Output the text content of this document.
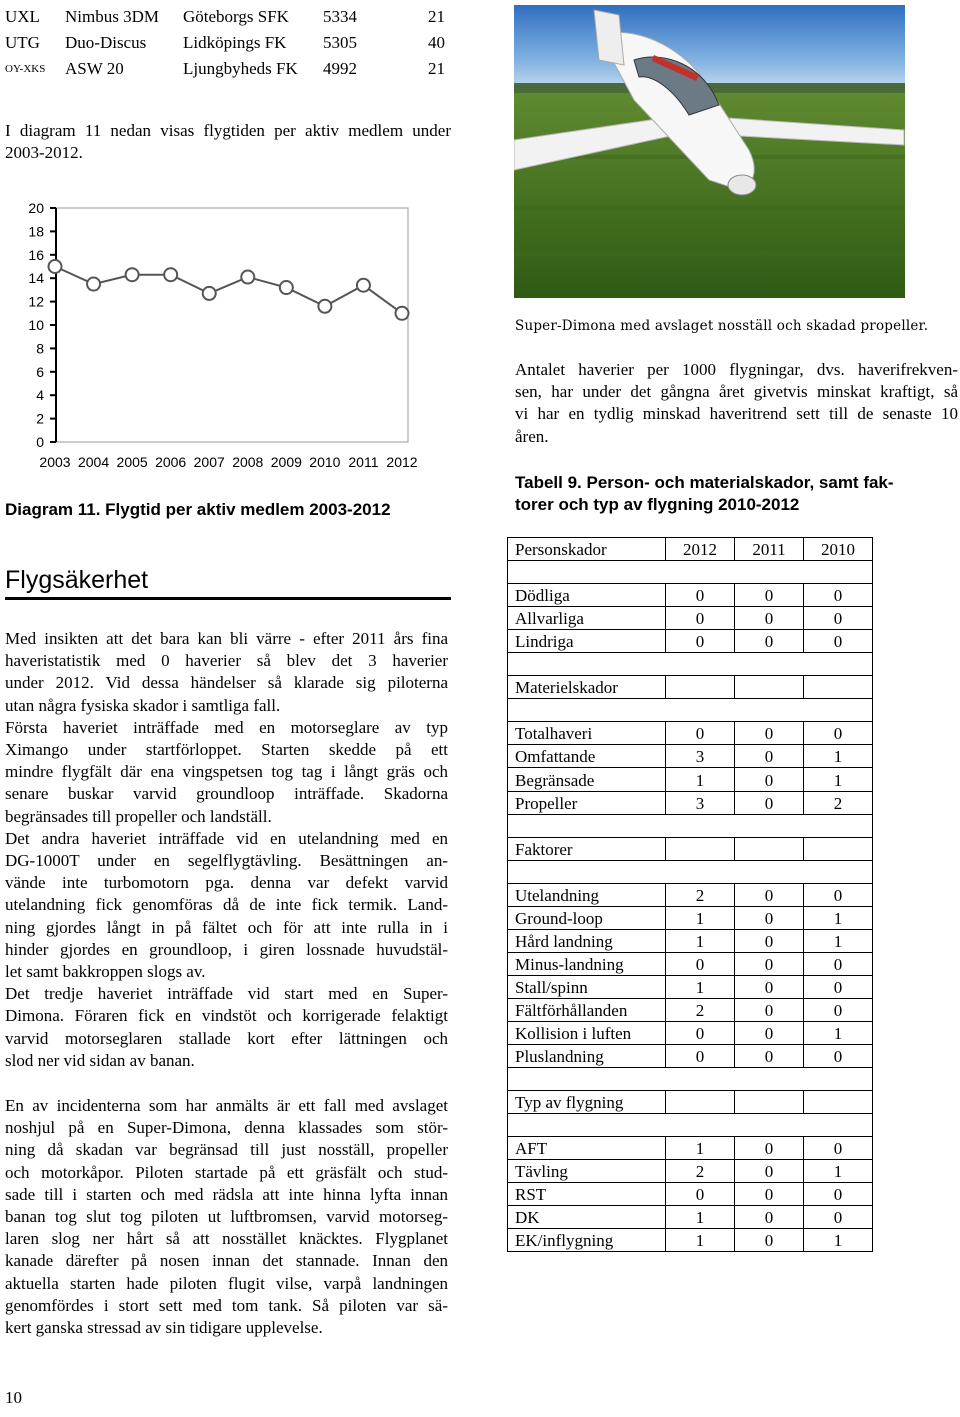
UXL	Nimbus 3DM	Göteborgs SFK	5334	21
UTG	Duo-Discus	Lidköpings FK	5305	40
OY-XKS	ASW 20	Ljungbyheds FK	4992	21

I diagram 11 nedan visas flygtiden per aktiv medlem under

2003-2012.

0
2
4
6
8
10
12
14
16
18
20
2003 2004 2005 2006 2007 2008 2009 2010 2011 2012
Diagram 11. Flygtid per aktiv medlem 2003-2012
Flygsäkerhet

Med insikten att det bara kan bli värre - efter 2011 års fina

haveristatistik med 0 haverier så blev det 3 haverier

under 2012. Vid dessa händelser så klarade sig piloterna

utan några fysiska skador i samtliga fall.

Första haveriet inträffade med en motorseglare av typ

Ximango under startförloppet. Starten skedde på ett

mindre flygfält där ena vingspetsen tog tag i långt gräs och

senare buskar varvid groundloop inträffade. Skadorna

begränsades till propeller och landställ.

Det andra haveriet inträffade vid en utelandning med en

DG-1000T under en segelflygtävling. Besättningen an-

vände inte turbomotorn pga. denna var defekt varvid

utelandning fick genomföras då de inte fick termik. Land-

ning gjordes långt in på fältet och för att inte rulla in i

hinder gjordes en groundloop, i giren lossnade huvudstäl-

let samt bakkroppen slogs av.

Det tredje haveriet inträffade vid start med en Super-

Dimona. Föraren fick en vindstöt och korrigerade felaktigt

varvid motorseglaren stallade kort efter lättningen och

slod ner vid sidan av banan.

En av incidenterna som har anmälts är ett fall med avslaget

noshjul på en Super-Dimona, denna klassades som stör-

ning då skadan var begränsad till just nosställ, propeller

och motorkåpor. Piloten startade på ett gräsfält och stud-

sade till i starten och med rädsla att inte hinna lyfta innan

banan tog slut tog piloten ut luftbromsen, varvid motorseg-

laren slog ner hårt så att nosstället knäcktes. Flygplanet

kanade därefter på nosen innan det stannade. Innan den

aktuella starten hade piloten flugit vilse, varpå landningen

genomfördes i stort sett med tom tank. Så piloten var sä-

kert ganska stressad av sin tidigare upplevelse.

Super-Dimona med avslaget nosställ och skadad propeller.

Antalet haverier per 1000 flygningar, dvs. haverifrekven-

sen, har under det gångna året givetvis minskat kraftigt, så

vi har en tydlig minskad haveritrend sett till de senaste 10

åren.

Tabell 9. Person- och materialskador, samt fak-
torer och typ av flygning 2010-2012
Personskador	2012	2011	2010

Dödliga	0	0	0
Allvarliga	0	0	0
Lindriga	0	0	0

Materielskador			

Totalhaveri	0	0	0
Omfattande	3	0	1
Begränsade	1	0	1
Propeller	3	0	2

Faktorer			

Utelandning	2	0	0
Ground-loop	1	0	1
Hård landning	1	0	1
Minus-landning	0	0	0
Stall/spinn	1	0	0
Fältförhållanden	2	0	0
Kollision i luften	0	0	1
Pluslandning	0	0	0

Typ av flygning			

AFT	1	0	0
Tävling	2	0	1
RST	0	0	0
DK	1	0	0
EK/inflygning	1	0	1
10
